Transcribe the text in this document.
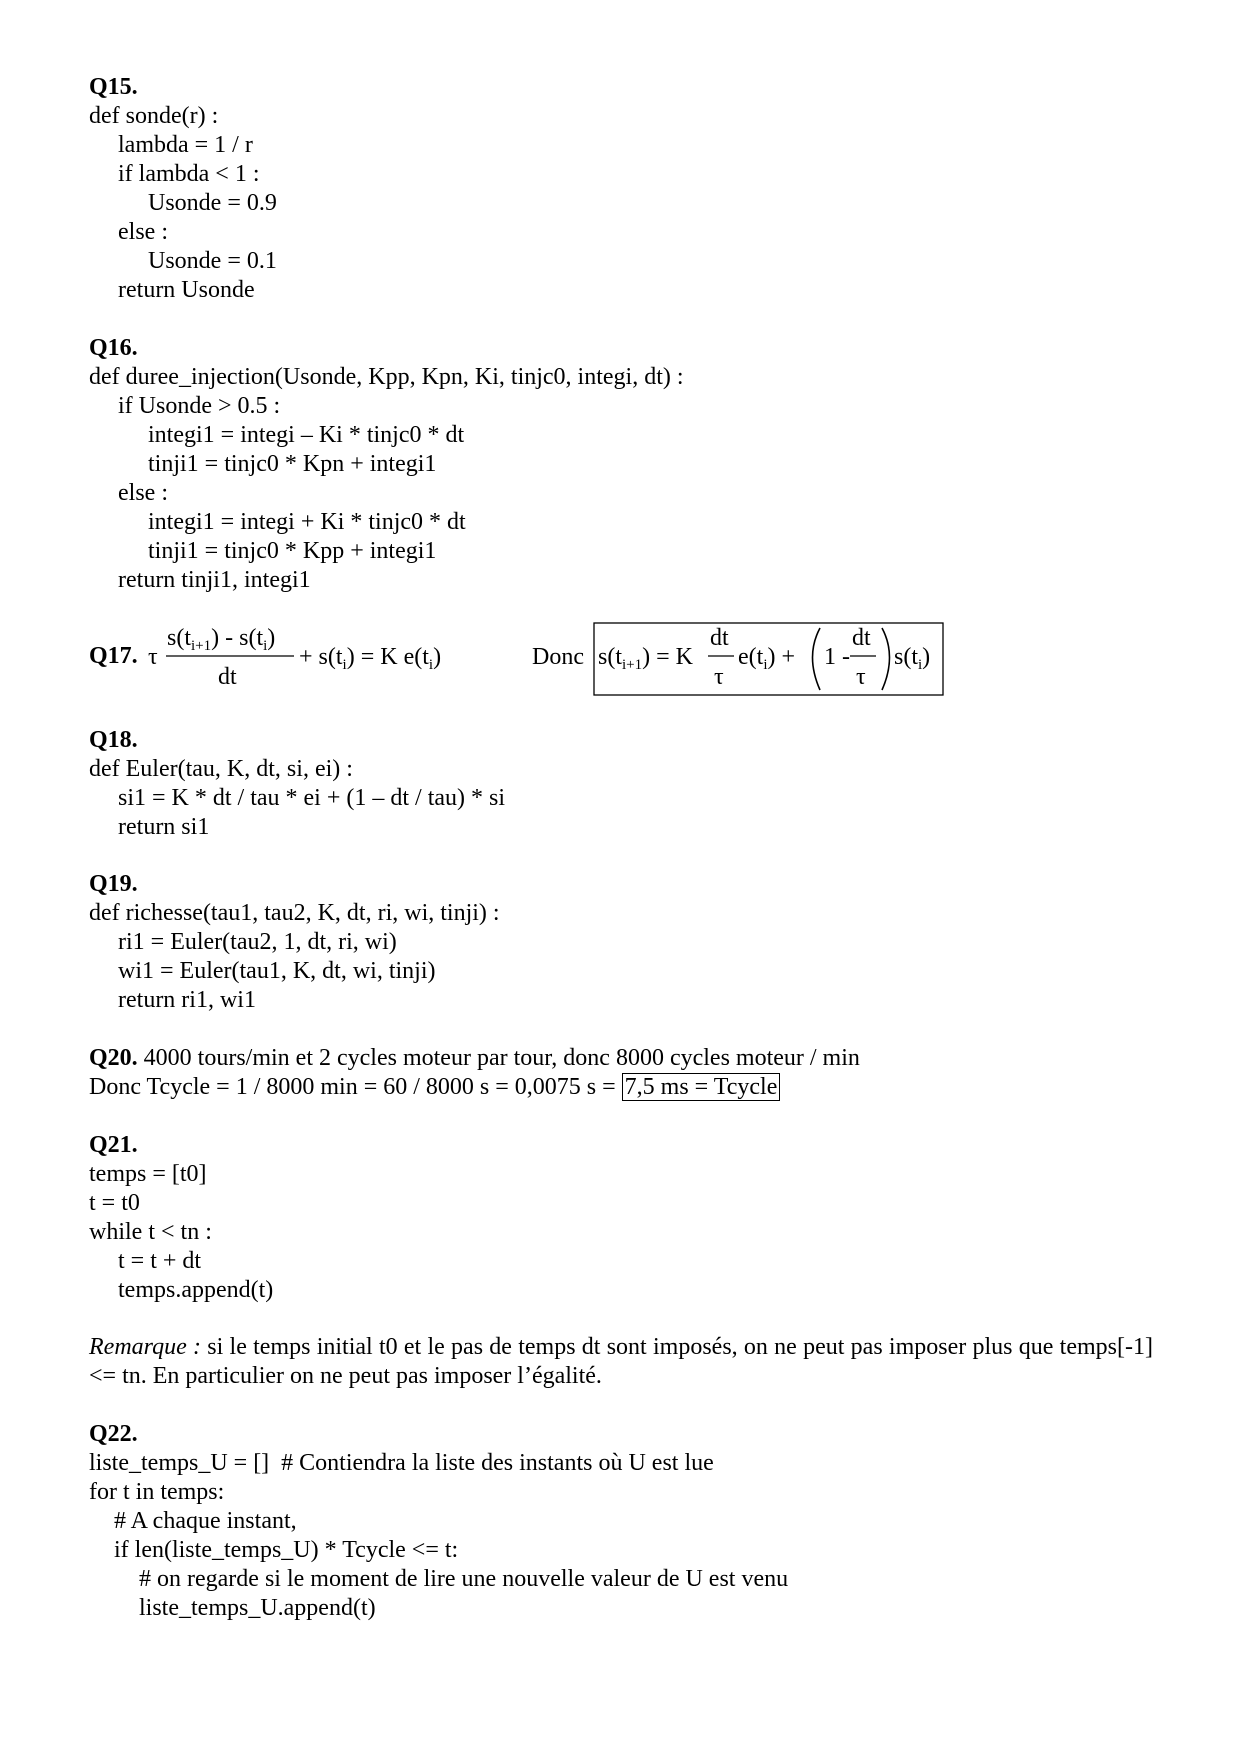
Q15.
def sonde(r) :
lambda = 1 / r
if lambda < 1 :
Usonde = 0.9
else :
Usonde = 0.1
return Usonde
Q16.
def duree_injection(Usonde, Kpp, Kpn, Ki, tinjc0, integi, dt) :
if Usonde > 0.5 :
integi1 = integi – Ki * tinjc0 * dt
tinji1 = tinjc0 * Kpn + integi1
else :
integi1 = integi + Ki * tinjc0 * dt
tinji1 = tinjc0 * Kpp + integi1
return tinji1, integi1
Q17. τ
$s(t_{i+1}) - s(t_i)$
dt
+ $s(t_i) = K$ $e(t_i)$	Donc $s(t_{i+1}) = K$
dt
τ
$e(t_i) + 1$ -
dt
τ
$s(t_i)$
Q18.
def Euler(tau, K, dt, si, ei) :
si1 = K * dt / tau * ei + (1 – dt / tau) * si
return si1
Q19.
def richesse(tau1, tau2, K, dt, ri, wi, tinji) :
ri1 = Euler(tau2, 1, dt, ri, wi)
wi1 = Euler(tau1, K, dt, wi, tinji)
return ri1, wi1
Q20. 4000 tours/min et 2 cycles moteur par tour, donc 8000 cycles moteur / min
Donc Tcycle = 1 / 8000 min = 60 / 8000 s = 0,0075 s = 7,5 ms = Tcycle
Q21.
temps = [t0]
t = t0
while t < tn :
t = t + dt
temps.append(t)
Remarque : si le temps initial t0 et le pas de temps dt sont imposés, on ne peut pas imposer plus que temps[-1] <= tn. En particulier on ne peut pas imposer l’égalité.
Q22.
liste_temps_U = []  # Contiendra la liste des instants où U est lue
for t in temps:
# A chaque instant,
if len(liste_temps_U) * Tcycle <= t:
# on regarde si le moment de lire une nouvelle valeur de U est venu
liste_temps_U.append(t)
